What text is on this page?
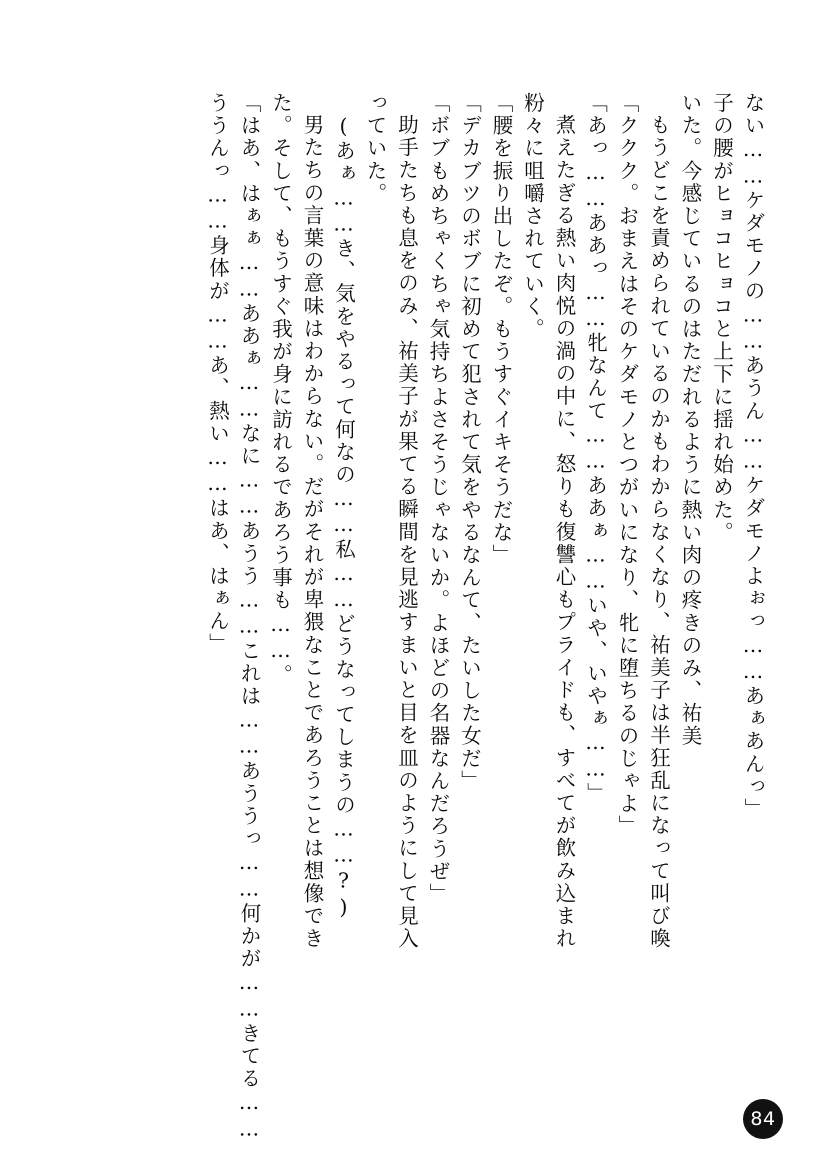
ない……ケダモノの……あうん……ケダモノよぉっ……あぁあんっ」
子の腰がヒョコヒョコと上下に揺れ始めた。
いた。今感じているのはただれるように熱い肉の疼きのみ、祐美
もうどこを責められているのかもわからなくなり、祐美子は半狂乱になって叫び喚
「ククク。おまえはそのケダモノとつがいになり、牝に堕ちるのじゃよ」
「あっ……ああっ……牝なんて……ああぁ……いや、いやぁ……」
煮えたぎる熱い肉悦の渦の中に、怒りも復讐心もプライドも、すべてが飲み込まれ
粉々に咀嚼されていく。
「腰を振り出したぞ。もうすぐイキそうだな」
「デカブツのボブに初めて犯されて気をやるなんて、たいした女だ」
「ボブもめちゃくちゃ気持ちよさそうじゃないか。よほどの名器なんだろうぜ」
助手たちも息をのみ、祐美子が果てる瞬間を見逃すまいと目を皿のようにして見入
っていた。
(あぁ……き、気をやるって何なの……私……どうなってしまうの……?)
男たちの言葉の意味はわからない。だがそれが卑猥なことであろうことは想像でき
た。そして、もうすぐ我が身に訪れるであろう事も……。
「はあ、はぁぁ……ああぁ……なに……あうう……これは……あううっ……何かが……きてる……
ううんっ……身体が……あ、熱い……はあ、はぁん」
84
